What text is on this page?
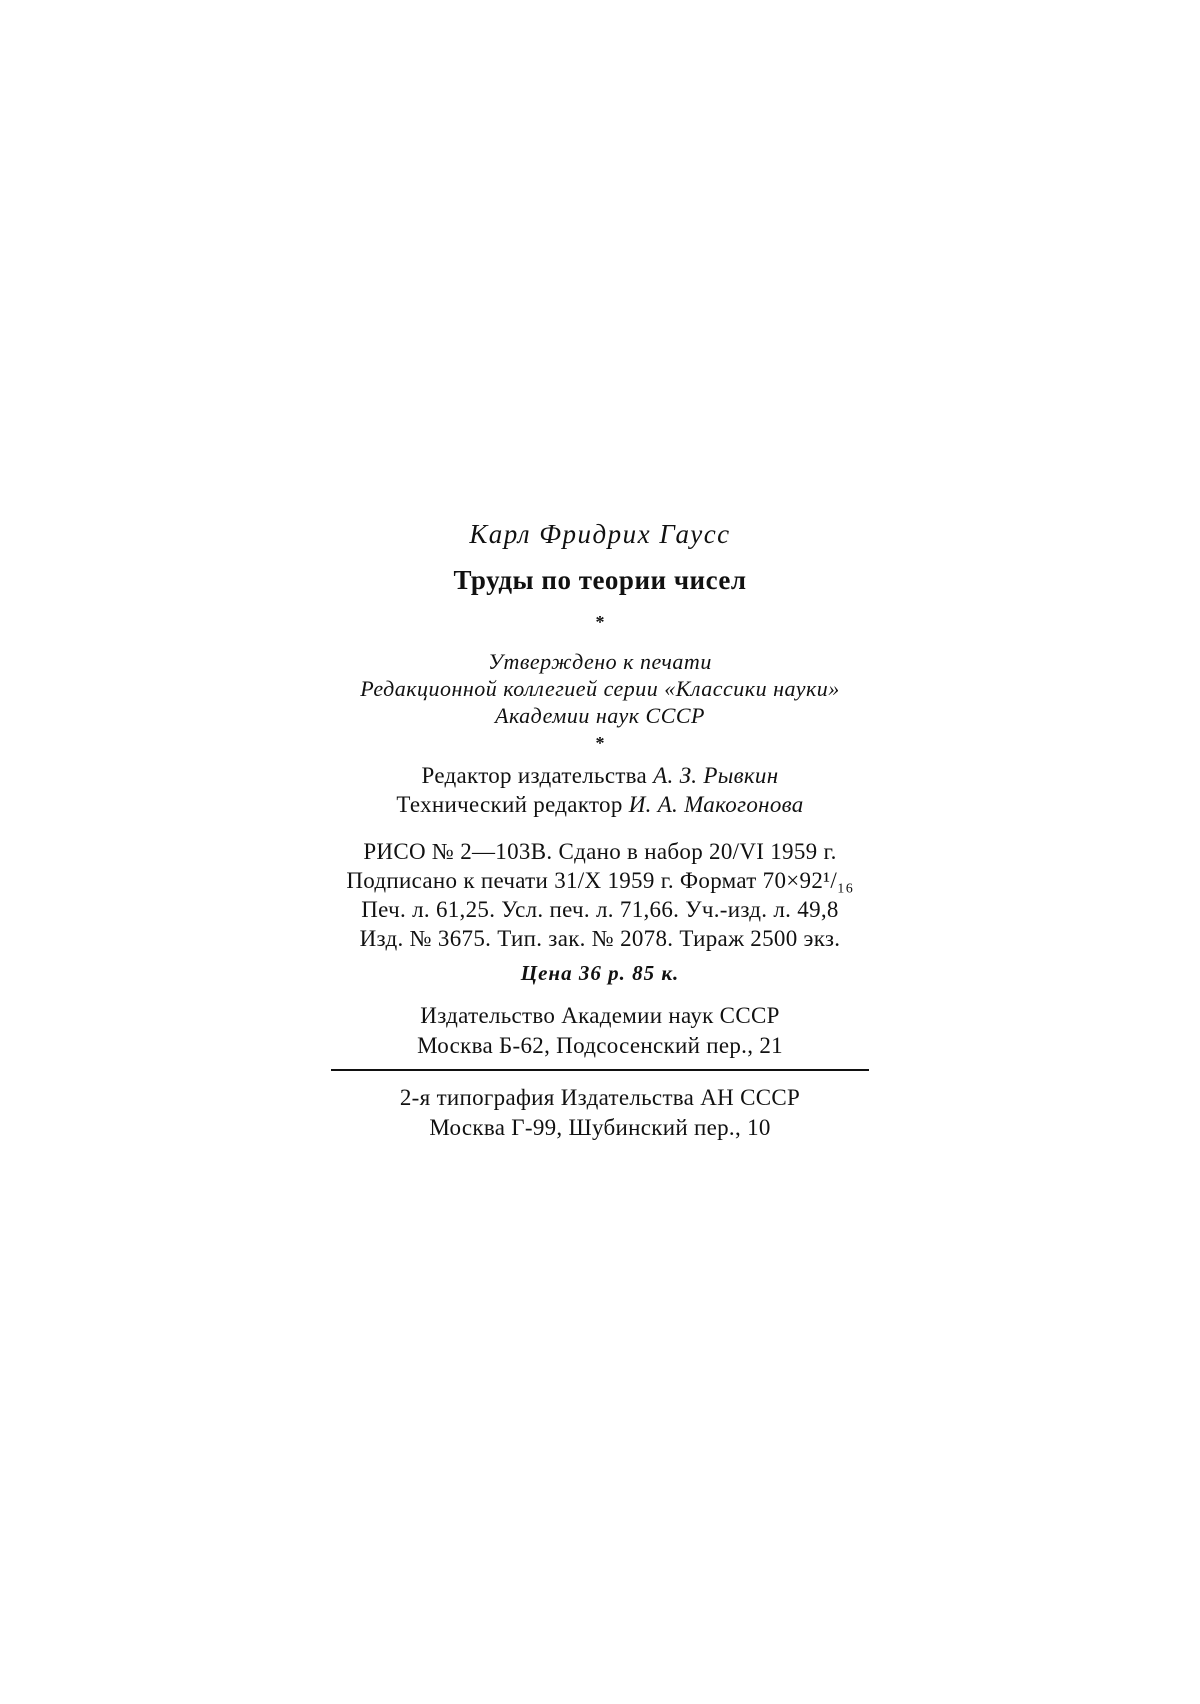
Карл Фридрих Гаусс
Труды по теории чисел
*
Утверждено к печати
Редакционной коллегией серии «Классики науки»
Академии наук СССР
*
Редактор издательства А. З. Рывкин
Технический редактор И. А. Макогонова
РИСО № 2—103В. Сдано в набор 20/VI 1959 г.
Подписано к печати 31/X 1959 г. Формат 70×92¹/₁₆
Печ. л. 61,25. Усл. печ. л. 71,66. Уч.-изд. л. 49,8
Изд. № 3675. Тип. зак. № 2078. Тираж 2500 экз.
Цена 36 р. 85 к.
Издательство Академии наук СССР
Москва Б-62, Подсосенский пер., 21
2-я типография Издательства АН СССР
Москва Г-99, Шубинский пер., 10
